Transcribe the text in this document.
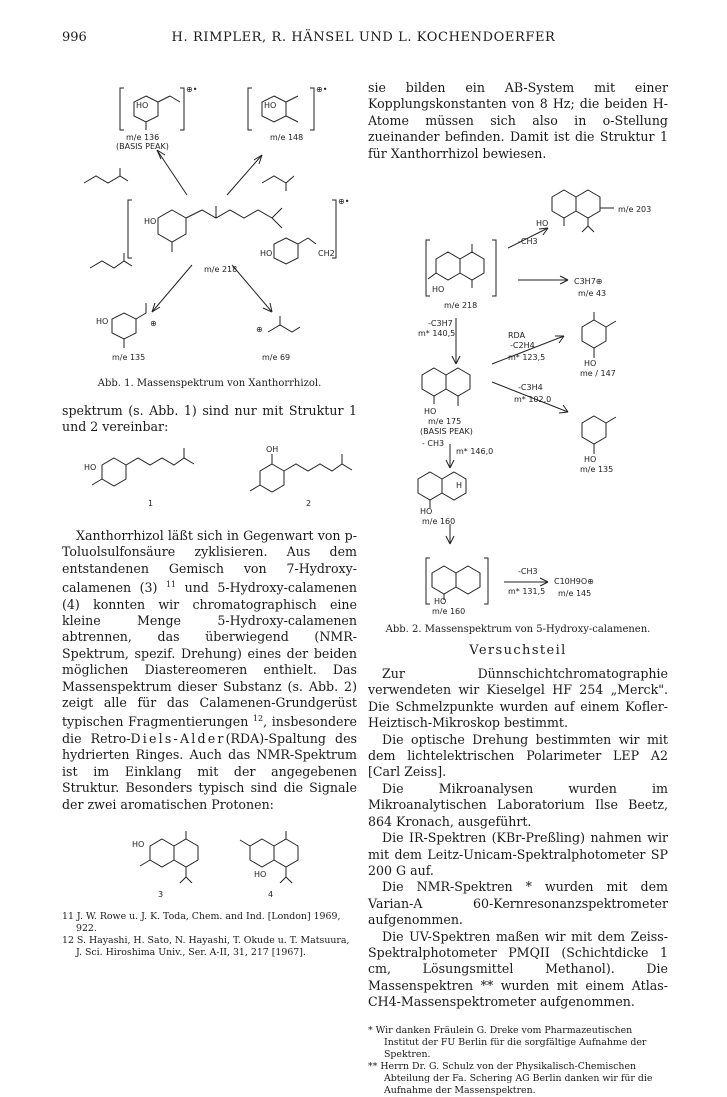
996	H. RIMPLER, R. HÄNSEL UND L. KOCHENDOERFER
HO
⊕•
m/e 136
(BASIS PEAK)
HO
⊕•
m/e 148
HO
⊕•
m/e 218
HO	CH2
HO	⊕
⊕
m/e 135	m/e 69

Abb. 1. Massenspektrum von Xanthorrhizol.

spektrum (s. Abb. 1) sind nur mit Struktur 1 und 2 vereinbar:

HO
OH
1	2

Xanthorrhizol läßt sich in Gegenwart von p-Toluolsulfonsäure zyklisieren. Aus dem entstandenen Gemisch von 7-Hydroxy-calamenen (3) $^{11}$ und 5-Hydroxy-calamenen (4) konnten wir chromatographisch eine kleine Menge 5-Hydroxy-calamenen abtrennen, das überwiegend (NMR-Spektrum, spezif. Drehung) eines der beiden möglichen Diastereomeren enthielt. Das Massenspektrum dieser Substanz (s. Abb. 2) zeigt alle für das Calamenen-Grundgerüst typischen Fragmentierungen $^{12}$, insbesondere die Retro-Diels-Alder(RDA)-Spaltung des hydrierten Ringes. Auch das NMR-Spektrum ist im Einklang mit der angegebenen Struktur. Besonders typisch sind die Signale der zwei aromatischen Protonen:

HO
HO
3	4

11 J. W. Rowe u. J. K. Toda, Chem. and Ind. [London] 1969, 922.

12 S. Hayashi, H. Sato, N. Hayashi, T. Okude u. T. Matsuura, J. Sci. Hiroshima Univ., Ser. A-II, 31, 217 [1967].

sie bilden ein AB-System mit einer Kopplungskonstanten von 8 Hz; die beiden H-Atome müssen sich also in o-Stellung zueinander befinden. Damit ist die Struktur 1 für Xanthorrhizol bewiesen.

m/e 203
HO
-CH3
C3H7⊕
m/e 43
HO
m/e 218
-C3H7
m* 140,5	RDA
-C2H4
m* 123,5
HO
me / 147
-C3H4
m* 102,0
HO
m/e 175
(BASIS PEAK)
- CH3
m* 146,0
HO
m/e 135
H
HO
m/e 160
-CH3
m* 131,5
C10H9O⊕
m/e 145
HO
m/e 160

Abb. 2. Massenspektrum von 5-Hydroxy-calamenen.

Versuchsteil

Zur Dünnschichtchromatographie verwendeten wir Kieselgel HF 254 „Merck". Die Schmelzpunkte wurden auf einem Kofler-Heiztisch-Mikroskop bestimmt.

Die optische Drehung bestimmten wir mit dem lichtelektrischen Polarimeter LEP A2 [Carl Zeiss].

Die Mikroanalysen wurden im Mikroanalytischen Laboratorium Ilse Beetz, 864 Kronach, ausgeführt.

Die IR-Spektren (KBr-Preßling) nahmen wir mit dem Leitz-Unicam-Spektralphotometer SP 200 G auf.

Die NMR-Spektren * wurden mit dem Varian-A 60-Kernresonanzspektrometer aufgenommen.

Die UV-Spektren maßen wir mit dem Zeiss-Spektralphotometer PMQII (Schichtdicke 1 cm, Lösungsmittel Methanol). Die Massenspektren ** wurden mit einem Atlas-CH4-Massenspektrometer aufgenommen.

* Wir danken Fräulein G. Dreke vom Pharmazeutischen Institut der FU Berlin für die sorgfältige Aufnahme der Spektren.

** Herrn Dr. G. Schulz von der Physikalisch-Chemischen Abteilung der Fa. Schering AG Berlin danken wir für die Aufnahme der Massenspektren.
